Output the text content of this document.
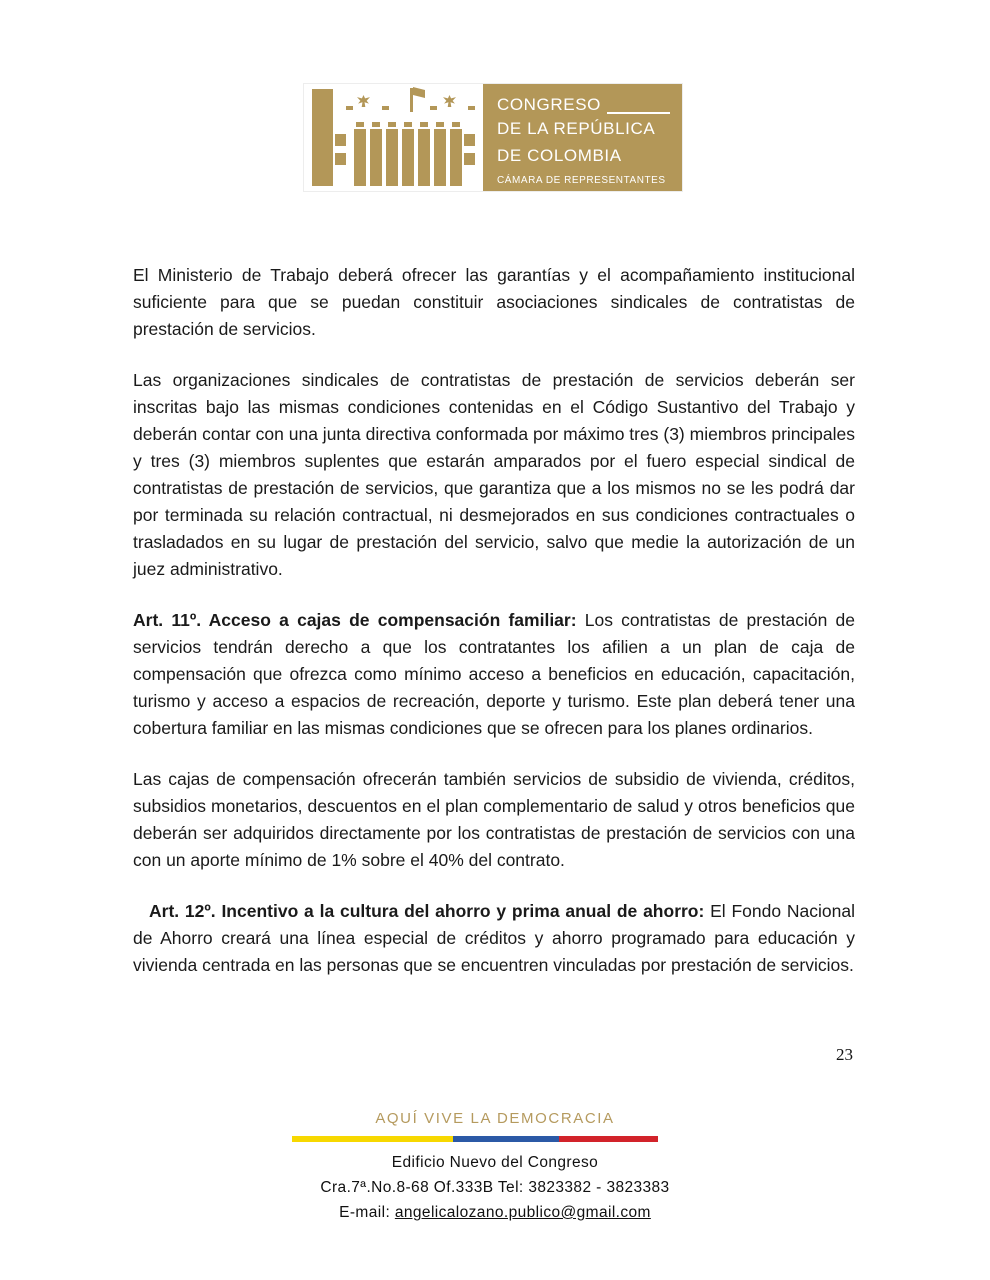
CONGRESO
DE LA REPÚBLICA
DE COLOMBIA
CÁMARA DE REPRESENTANTES

El Ministerio de Trabajo deberá ofrecer las garantías y el acompañamiento institucional suficiente para que se puedan constituir asociaciones sindicales de contratistas de prestación de servicios.

Las organizaciones sindicales de contratistas de prestación de servicios deberán ser inscritas bajo las mismas condiciones contenidas en el Código Sustantivo del Trabajo y deberán contar con una junta directiva conformada por máximo tres (3) miembros principales y tres (3) miembros suplentes que estarán amparados por el fuero especial sindical de contratistas de prestación de servicios, que garantiza que a los mismos no se les podrá dar por terminada su relación contractual, ni desmejorados en sus condiciones contractuales o trasladados en su lugar de prestación del servicio, salvo que medie la autorización de un juez administrativo.

Art. 11º. Acceso a cajas de compensación familiar: Los contratistas de prestación de servicios tendrán derecho a que los contratantes los afilien a un plan de caja de compensación que ofrezca como mínimo acceso a beneficios en educación, capacitación, turismo y acceso a espacios de recreación, deporte y turismo. Este plan deberá tener una cobertura familiar en las mismas condiciones que se ofrecen para los planes ordinarios.

Las cajas de compensación ofrecerán también servicios de subsidio de vivienda, créditos, subsidios monetarios, descuentos en el plan complementario de salud y otros beneficios que deberán ser adquiridos directamente por los contratistas de prestación de servicios con una con un aporte mínimo de 1% sobre el 40% del contrato.

Art. 12º. Incentivo a la cultura del ahorro y prima anual de ahorro: El Fondo Nacional de Ahorro creará una línea especial de créditos y ahorro programado para educación y vivienda centrada en las personas que se encuentren vinculadas por prestación de servicios.

23
AQUÍ VIVE LA DEMOCRACIA
Edificio Nuevo del Congreso
Cra.7ª.No.8-68 Of.333B Tel: 3823382 - 3823383
E-mail: angelicalozano.publico@gmail.com
